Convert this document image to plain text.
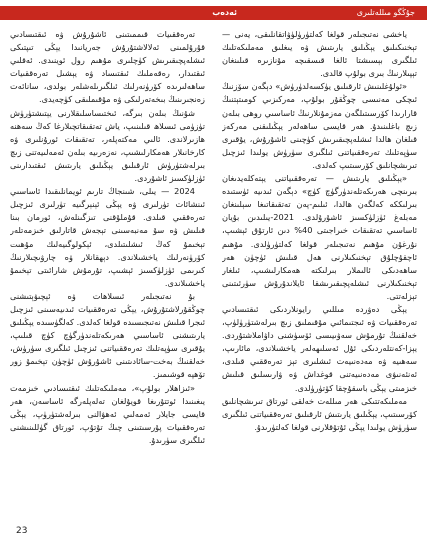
ئەدەب	جۇڭگو مىللەتلىرى

ياخشى نەتىجىلەر قولغا كەلتۈرۈلۈۋاتقانلىقى، يەنى — تېخنىكىلىق يېڭىلىق يارىتىش ۋە يىغلىق مەملىكەتلىك ئىلگىرى بېسىشتا ئالغا قىسقىچە مۇنازىرە قىلىنغان تېپىلارنىڭ بىرى بولۇپ قالدى.

«ئولۇغلىنىش ئارقىلىق يۈكسەلدۈرۈش» دېگەن سۆزنىڭ ئىچكى مەنىسى چوڭقۇر بولۇپ، مەركىزىي كومىتېتنىڭ قارارىدا كۆرسىتىلگەن مەزمۇنلارنىڭ ئاساسىي روھى بىلەن زىچ باغلىنىدۇ. ھەر قايسى ساھەلەر يېڭىلىقنى مەركەز قىلغان ھالدا ئىشلەپچىقىرىش كۈچىنى ئاشۇرۇش، يۇقىرى سۈپەتلىك تەرەققىياتنى ئىلگىرى سۈرۈش يولىدا ئىزچىل تىرىشچانلىق كۆرسىتىپ كەلدى.

«يېڭىلىق يارىتىش — تەرەققىياتنى يېتەكلەيدىغان بىرىنچى ھەرىكەتلەندۈرگۈچ كۈچ» دېگەن ئىدىيە ئۈستىدە بىرلىككە كەلگەن ھالدا، ئىلىم-پەن تەتقىقاتىغا سېلىنغان مەبلەغ ئۈزلۈكسىز ئاشۇرۇلدى. 2021-يىلىدىن بۇيان ئاساسىي تەتقىقات خىراجىتى 40% دىن ئارتۇق ئېشىپ، نۇرغۇن مۇھىم نەتىجىلەر قولغا كەلتۈرۈلدى. مۇھىم ئاچقۇچلۇق تېخنىكىلارنى ھەل قىلىش ئۈچۈن ھەر ساھەدىكى ئالىملار بىرلىكتە ھەمكارلىشىپ، ئىلغار تېخنىكىلارنى ئىشلەپچىقىرىشقا ئايلاندۇرۇش سۈرئىتىنى تېزلەتتى.

يېڭى دەۋردە مىللىي رايونلاردىكى ئىقتىسادىي تەرەققىيات ۋە ئىجتىمائىي مۇقىملىق زىچ بىرلەشتۈرۈلۈپ، خەلقنىڭ تۇرمۇش سەۋىيىسى ئۆسۈشنى داۋاملاشتۇردى. يېزا-كەنتلەردىكى ئۇل ئەسلىھەلەر ياخشىلاندى، مائارىپ، سەھىيە ۋە مەدەنىيەت ئىشلىرى تېز تەرەققىي قىلدى، ئەنئەنىۋى مەدەنىيەتنى قوغداش ۋە ۋارىسلىق قىلىش خىزمىتى يېڭى باسقۇچقا كۆتۈرۈلدى.

مەملىكەتتىكى ھەر مىللەت خەلقى ئورتاق تىرىشچانلىق كۆرسىتىپ، يېڭىلىق يارىتىش ئارقىلىق تەرەققىياتنى ئىلگىرى سۈرۈش يولىدا يېڭى ئۇتۇقلارنى قولغا كەلتۈرىدۇ.

تەرەققىيات قىممىتىنى ئاشۇرۇش ۋە ئىقتىسادىي قۇرۇلمىنى ئەلالاشتۇرۇش جەريانىدا يېڭى تىپتىكى ئىشلەپچىقىرىش كۈچلىرى مۇھىم رول ئوينىدى. ئەقلىي ئىقتىدار، رەقەملىك ئىقتىساد ۋە يېشىل تەرەققىيات ساھەلىرىدە كۆرۈنەرلىك ئىلگىرىلەشلەر بولدى، سانائەت زەنجىرىنىڭ بىخەتەرلىكى ۋە مۇقىملىقى كۈچەيدى.

شۇنىڭ بىلەن بىرگە، ئىختىساسلىقلارنى يېتىشتۈرۈش تۈزۈمى ئىسلاھ قىلىنىپ، ياش تەتقىقاتچىلارغا كەڭ سەھنە ھازىرلاندى. ئالىي مەكتەپلەر، تەتقىقات ئورۇنلىرى ۋە كارخانىلار ھەمكارلىشىپ، نەزەرىيە بىلەن ئەمەلىيەتنى زىچ بىرلەشتۈرۈش ئارقىلىق يېڭىلىق يارىتىش ئىقتىدارىنى ئۈزلۈكسىز ئاشۇردى.

2024 — يىلى، شىنجاڭ تارىم ئويمانلىقىدا ئاساسىي ئىنشائات تۈرلىرى ۋە يېڭى ئېنېرگىيە تۈرلىرى ئىزچىل تەرەققىي قىلدى. قۇملۇقنى تىزگىنلەش، ئورمان بىنا قىلىش ۋە سۇ مەنبەسىنى تېجەش قاتارلىق خىزمەتلەر تېخىمۇ كەڭ ئىشلىتىلدى، ئېكولوگىيەلىك مۇھىت كۆرۈنەرلىك ياخشىلاندى. دېھقانلار ۋە چارۋىچىلارنىڭ كىرىمى ئۈزلۈكسىز ئېشىپ، تۇرمۇش شارائىتى تېخىمۇ ياخشىلاندى.

بۇ نەتىجىلەر ئىسلاھات ۋە ئېچىۋېتىشنى چوڭقۇرلاشتۇرۇش، يېڭى تەرەققىيات ئىدىيەسىنى ئىزچىل ئىجرا قىلىش نەتىجىسىدە قولغا كەلدى. كەلگۈسىدە يېڭىلىق يارىتىشنى ئاساسىي ھەرىكەتلەندۈرگۈچ كۈچ قىلىپ، يۇقىرى سۈپەتلىك تەرەققىياتنى ئىزچىل ئىلگىرى سۈرۈش، خەلقنىڭ بەخت-سائادىتىنى ئاشۇرۇش ئۈچۈن تېخىمۇ زور تۆھپە قوشىمىز.

«ئىزاھلار بولۇپ»، مەملىكەتلىك ئىقتىسادىي خىزمەت يىغىنىدا ئوتتۇرىغا قويۇلغان تەلەپلەرگە ئاساسەن، ھەر قايسى جايلار ئەمەلىي ئەھۋالنى بىرلەشتۈرۈپ، يېڭى تەرەققىيات پۇرسىتىنى چىڭ تۇتۇپ، ئورتاق گۈللىنىشنى ئىلگىرى سۈرىدۇ.

23
